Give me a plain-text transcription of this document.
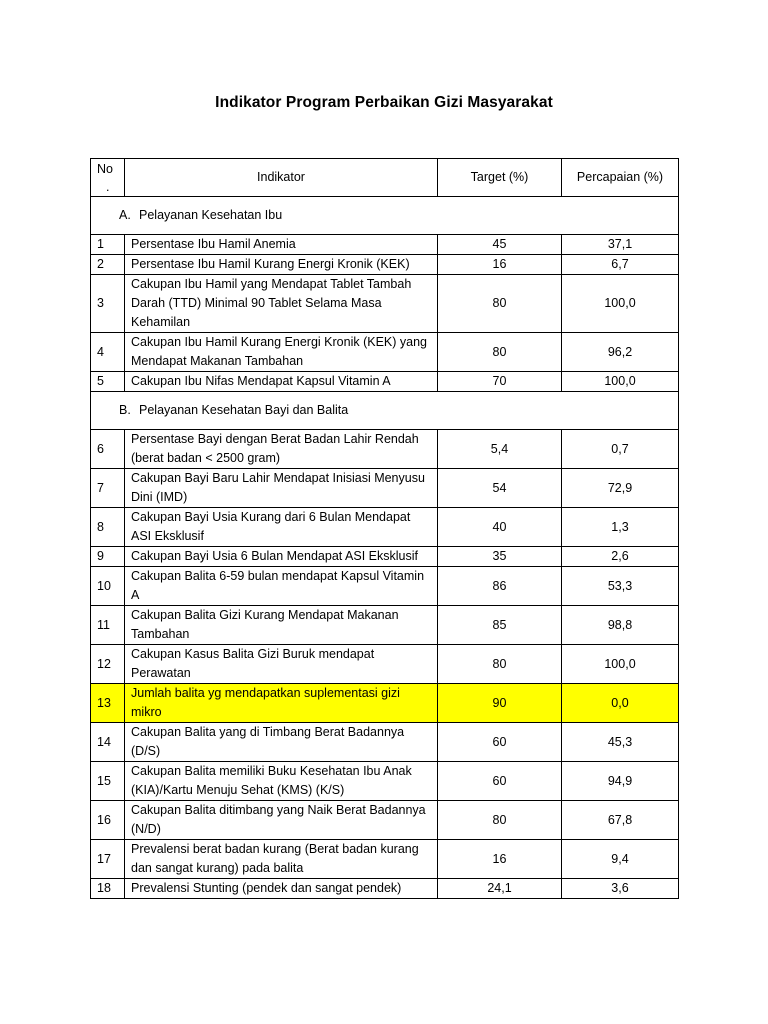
Indikator Program Perbaikan Gizi Masyarakat
No
.	Indikator	Target (%)	Percapaian (%)

A. Pelayanan Kesehatan Ibu			

1	Persentase Ibu Hamil Anemia	45	37,1
2	Persentase Ibu Hamil Kurang Energi Kronik (KEK)	16	6,7
3	Cakupan Ibu Hamil yang Mendapat Tablet Tambah Darah (TTD) Minimal 90 Tablet Selama Masa Kehamilan	80	100,0
4	Cakupan Ibu Hamil Kurang Energi Kronik (KEK) yang Mendapat Makanan Tambahan	80	96,2
5	Cakupan Ibu Nifas Mendapat Kapsul Vitamin A	70	100,0

B. Pelayanan Kesehatan Bayi dan Balita			

6	Persentase Bayi dengan Berat Badan Lahir Rendah (berat badan < 2500 gram)	5,4	0,7
7	Cakupan Bayi Baru Lahir Mendapat Inisiasi Menyusu Dini (IMD)	54	72,9
8	Cakupan Bayi Usia Kurang dari 6 Bulan Mendapat ASI Eksklusif	40	1,3
9	Cakupan Bayi Usia 6 Bulan Mendapat ASI Eksklusif	35	2,6
10	Cakupan Balita 6-59 bulan mendapat Kapsul Vitamin A	86	53,3
11	Cakupan Balita Gizi Kurang Mendapat Makanan Tambahan	85	98,8
12	Cakupan Kasus Balita Gizi Buruk mendapat Perawatan	80	100,0
13	Jumlah balita yg mendapatkan suplementasi gizi mikro	90	0,0
14	Cakupan Balita yang di Timbang Berat Badannya (D/S)	60	45,3
15	Cakupan Balita memiliki Buku Kesehatan Ibu Anak (KIA)/Kartu Menuju Sehat (KMS) (K/S)	60	94,9
16	Cakupan Balita ditimbang yang Naik Berat Badannya (N/D)	80	67,8
17	Prevalensi berat badan kurang (Berat badan kurang dan sangat kurang) pada balita	16	9,4
18	Prevalensi Stunting (pendek dan sangat pendek)	24,1	3,6
